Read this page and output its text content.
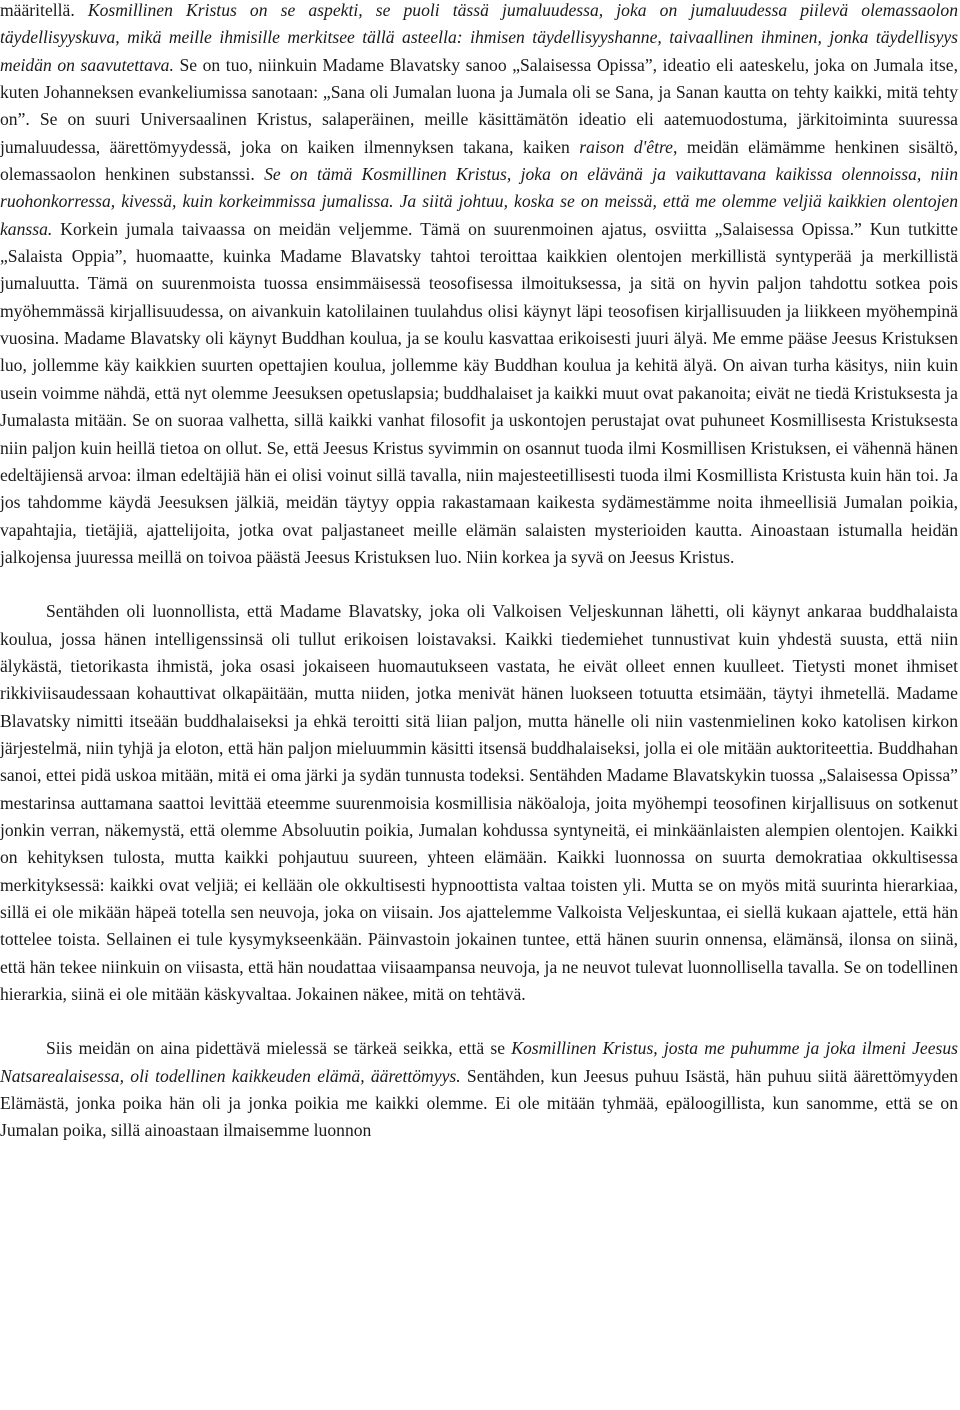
määritellä. Kosmillinen Kristus on se aspekti, se puoli tässä jumaluudessa, joka on jumaluudessa piilevä olemassaolon täydellisyyskuva, mikä meille ihmisille merkitsee tällä asteella: ihmisen täydellisyyshanne, taivaallinen ihminen, jonka täydellisyys meidän on saavutettava. Se on tuo, niinkuin Madame Blavatsky sanoo „Salaisessa Opissa”, ideatio eli aateskelu, joka on Jumala itse, kuten Johanneksen evankeliumissa sanotaan: „Sana oli Jumalan luona ja Jumala oli se Sana, ja Sanan kautta on tehty kaikki, mitä tehty on”. Se on suuri Universaalinen Kristus, salaperäinen, meille käsittämätön ideatio eli aatemuodostuma, järkitoiminta suuressa jumaluudessa, äärettömyydessä, joka on kaiken ilmennyksen takana, kaiken raison d'être, meidän elämämme henkinen sisältö, olemassaolon henkinen substanssi. Se on tämä Kosmillinen Kristus, joka on elävänä ja vaikuttavana kaikissa olennoissa, niin ruohonkorressa, kivessä, kuin korkeimmissa jumalissa. Ja siitä johtuu, koska se on meissä, että me olemme veljiä kaikkien olentojen kanssa. Korkein jumala taivaassa on meidän veljemme. Tämä on suurenmoinen ajatus, osviitta „Salaisessa Opissa.” Kun tutkitte „Salaista Oppia”, huomaatte, kuinka Madame Blavatsky tahtoi teroittaa kaikkien olentojen merkillistä syntyperää ja merkillistä jumaluutta. Tämä on suurenmoista tuossa ensimmäisessä teosofisessa ilmoituksessa, ja sitä on hyvin paljon tahdottu sotkea pois myöhemmässä kirjallisuudessa, on aivankuin katolilainen tuulahdus olisi käynyt läpi teosofisen kirjallisuuden ja liikkeen myöhempinä vuosina. Madame Blavatsky oli käynyt Buddhan koulua, ja se koulu kasvattaa erikoisesti juuri älyä. Me emme pääse Jeesus Kristuksen luo, jollemme käy kaikkien suurten opettajien koulua, jollemme käy Buddhan koulua ja kehitä älyä. On aivan turha käsitys, niin kuin usein voimme nähdä, että nyt olemme Jeesuksen opetuslapsia; buddhalaiset ja kaikki muut ovat pakanoita; eivät ne tiedä Kristuksesta ja Jumalasta mitään. Se on suoraa valhetta, sillä kaikki vanhat filosofit ja uskontojen perustajat ovat puhuneet Kosmillisesta Kristuksesta niin paljon kuin heillä tietoa on ollut. Se, että Jeesus Kristus syvimmin on osannut tuoda ilmi Kosmillisen Kristuksen, ei vähennä hänen edeltäjiensä arvoa: ilman edeltäjiä hän ei olisi voinut sillä tavalla, niin majesteetillisesti tuoda ilmi Kosmillista Kristusta kuin hän toi. Ja jos tahdomme käydä Jeesuksen jälkiä, meidän täytyy oppia rakastamaan kaikesta sydämestämme noita ihmeellisiä Jumalan poikia, vapahtajia, tietäjiä, ajattelijoita, jotka ovat paljastaneet meille elämän salaisten mysterioiden kautta. Ainoastaan istumalla heidän jalkojensa juuressa meillä on toivoa päästä Jeesus Kristuksen luo. Niin korkea ja syvä on Jeesus Kristus.

Sentähden oli luonnollista, että Madame Blavatsky, joka oli Valkoisen Veljeskunnan lähetti, oli käynyt ankaraa buddhalaista koulua, jossa hänen intelligenssinsä oli tullut erikoisen loistavaksi. Kaikki tiedemiehet tunnustivat kuin yhdestä suusta, että niin älykästä, tietorikasta ihmistä, joka osasi jokaiseen huomautukseen vastata, he eivät olleet ennen kuulleet. Tietysti monet ihmiset rikkiviisaudessaan kohauttivat olkapäitään, mutta niiden, jotka menivät hänen luokseen totuutta etsimään, täytyi ihmetellä. Madame Blavatsky nimitti itseään buddhalaiseksi ja ehkä teroitti sitä liian paljon, mutta hänelle oli niin vastenmielinen koko katolisen kirkon järjestelmä, niin tyhjä ja eloton, että hän paljon mieluummin käsitti itsensä buddhalaiseksi, jolla ei ole mitään auktoriteettia. Buddhahan sanoi, ettei pidä uskoa mitään, mitä ei oma järki ja sydän tunnusta todeksi. Sentähden Madame Blavatskykin tuossa „Salaisessa Opissa” mestarinsa auttamana saattoi levittää eteemme suurenmoisia kosmillisia näköaloja, joita myöhempi teosofinen kirjallisuus on sotkenut jonkin verran, näkemystä, että olemme Absoluutin poikia, Jumalan kohdussa syntyneitä, ei minkäänlaisten alempien olentojen. Kaikki on kehityksen tulosta, mutta kaikki pohjautuu suureen, yhteen elämään. Kaikki luonnossa on suurta demokratiaa okkultisessa merkityksessä: kaikki ovat veljiä; ei kellään ole okkultisesti hypnoottista valtaa toisten yli. Mutta se on myös mitä suurinta hierarkiaa, sillä ei ole mikään häpeä totella sen neuvoja, joka on viisain. Jos ajattelemme Valkoista Veljeskuntaa, ei siellä kukaan ajattele, että hän tottelee toista. Sellainen ei tule kysymykseenkään. Päinvastoin jokainen tuntee, että hänen suurin onnensa, elämänsä, ilonsa on siinä, että hän tekee niinkuin on viisasta, että hän noudattaa viisaampansa neuvoja, ja ne neuvot tulevat luonnollisella tavalla. Se on todellinen hierarkia, siinä ei ole mitään käskyvaltaa. Jokainen näkee, mitä on tehtävä.

Siis meidän on aina pidettävä mielessä se tärkeä seikka, että se Kosmillinen Kristus, josta me puhumme ja joka ilmeni Jeesus Natsarealaisessa, oli todellinen kaikkeuden elämä, äärettömyys. Sentähden, kun Jeesus puhuu Isästä, hän puhuu siitä äärettömyyden Elämästä, jonka poika hän oli ja jonka poikia me kaikki olemme. Ei ole mitään tyhmää, epäloogillista, kun sanomme, että se on Jumalan poika, sillä ainoastaan ilmaisemme luonnon
